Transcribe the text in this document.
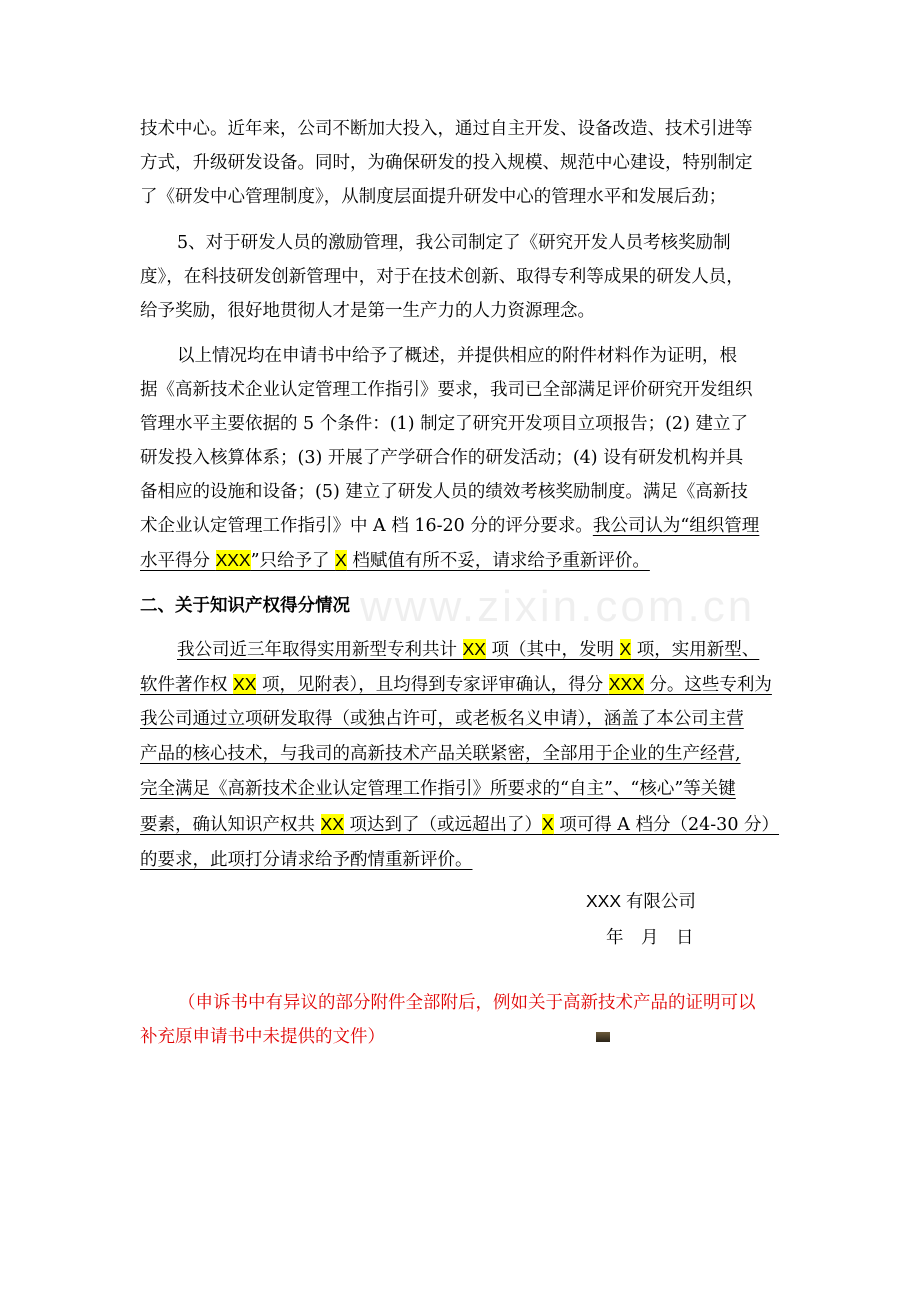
www.zixin.com.cn
技术中心。近年来，公司不断加大投入，通过自主开发、设备改造、技术引进等
方式，升级研发设备。同时，为确保研发的投入规模、规范中心建设，特别制定
了《研发中心管理制度》，从制度层面提升研发中心的管理水平和发展后劲；
5、对于研发人员的激励管理，我公司制定了《研究开发人员考核奖励制
度》，在科技研发创新管理中，对于在技术创新、取得专利等成果的研发人员，
给予奖励，很好地贯彻人才是第一生产力的人力资源理念。
以上情况均在申请书中给予了概述，并提供相应的附件材料作为证明，根
据《高新技术企业认定管理工作指引》要求，我司已全部满足评价研究开发组织
管理水平主要依据的 5 个条件：(1) 制定了研究开发项目立项报告；(2) 建立了
研发投入核算体系；(3) 开展了产学研合作的研发活动；(4) 设有研发机构并具
备相应的设施和设备；(5) 建立了研发人员的绩效考核奖励制度。满足《高新技
术企业认定管理工作指引》中 A 档 16-20 分的评分要求。我公司认为“组织管理
水平得分 XXX”只给予了 X 档赋值有所不妥，请求给予重新评价。
二、关于知识产权得分情况
我公司近三年取得实用新型专利共计 XX 项（其中，发明 X 项，实用新型、
软件著作权 XX 项，见附表），且均得到专家评审确认，得分 XXX 分。这些专利为
我公司通过立项研发取得（或独占许可，或老板名义申请），涵盖了本公司主营
产品的核心技术，与我司的高新技术产品关联紧密，全部用于企业的生产经营,
完全满足《高新技术企业认定管理工作指引》所要求的“自主”、“核心”等关键
要素，确认知识产权共 XX 项达到了（或远超出了）X 项可得 A 档分（24-30 分）
的要求，此项打分请求给予酌情重新评价。
XXX 有限公司
年　月　日
（申诉书中有异议的部分附件全部附后，例如关于高新技术产品的证明可以
补充原申请书中未提供的文件）
